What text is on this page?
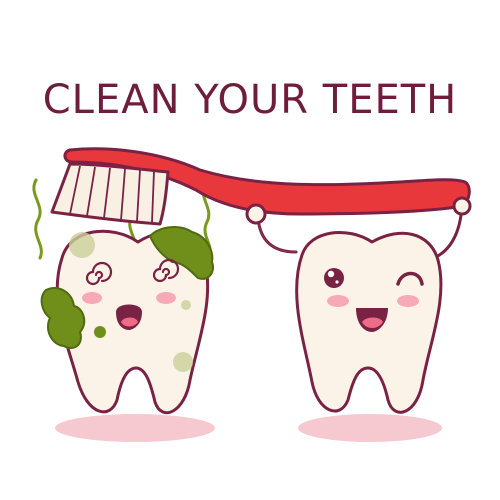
CLEAN YOUR TEETH
